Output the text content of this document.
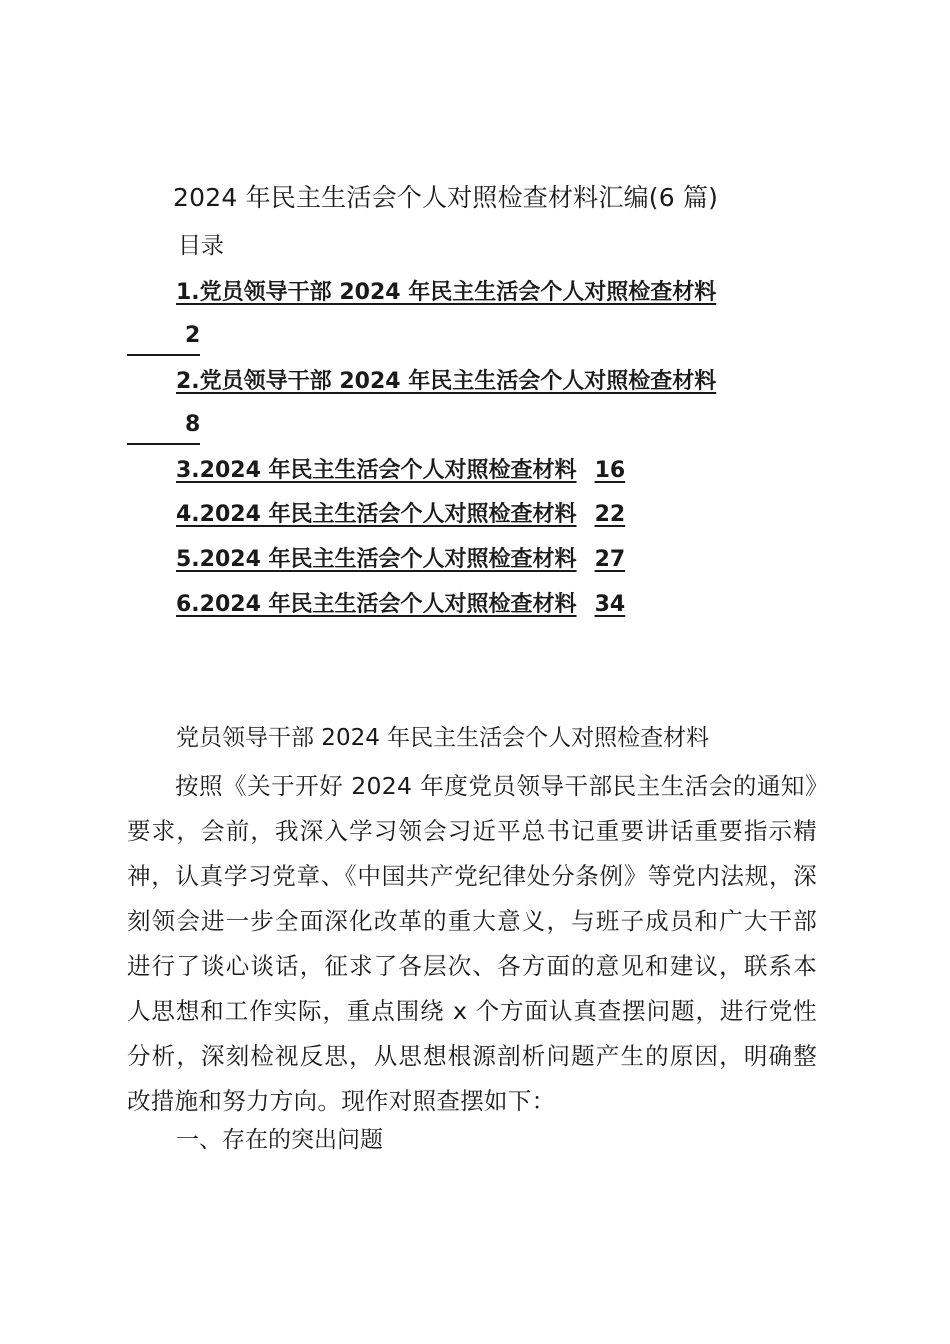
2024 年民主生活会个人对照检查材料汇编(6 篇)
目录
1.党员领导干部 2024 年民主生活会个人对照检查材料
2
2.党员领导干部 2024 年民主生活会个人对照检查材料
8
3.2024 年民主生活会个人对照检查材料 16
4.2024 年民主生活会个人对照检查材料 22
5.2024 年民主生活会个人对照检查材料 27
6.2024 年民主生活会个人对照检查材料 34
党员领导干部 2024 年民主生活会个人对照检查材料
按照《关于开好 2024 年度党员领导干部民主生活会的通知》要求，会前，我深入学习领会习近平总书记重要讲话重要指示精神，认真学习党章、《中国共产党纪律处分条例》等党内法规，深刻领会进一步全面深化改革的重大意义，与班子成员和广大干部进行了谈心谈话，征求了各层次、各方面的意见和建议，联系本人思想和工作实际，重点围绕 x 个方面认真查摆问题，进行党性分析，深刻检视反思，从思想根源剖析问题产生的原因，明确整改措施和努力方向。现作对照查摆如下：
一、存在的突出问题
